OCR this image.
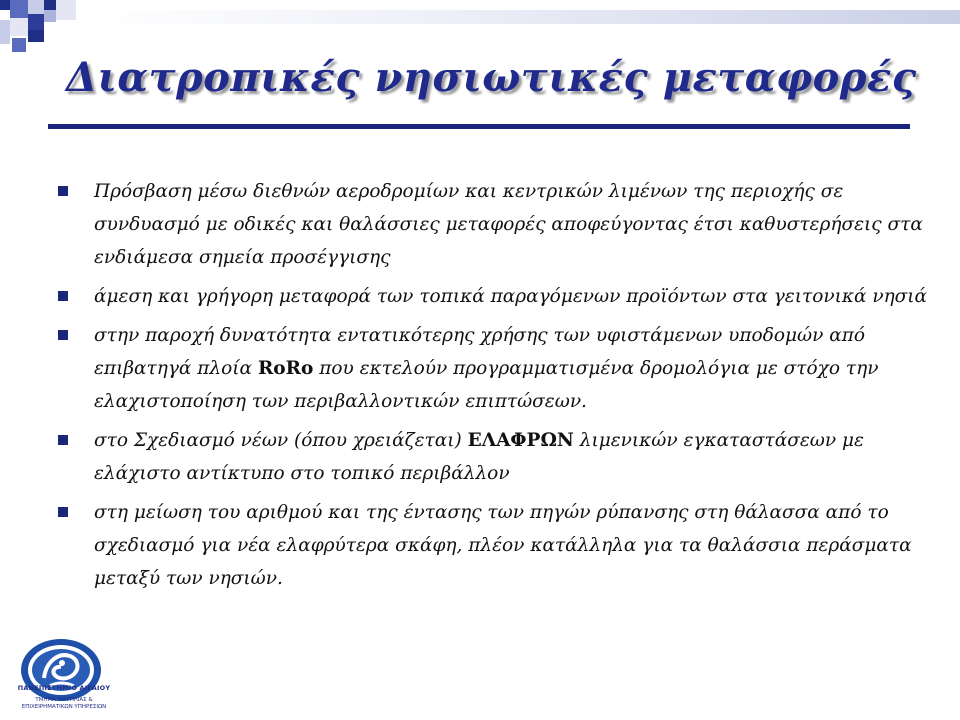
Διατροπικές νησιωτικές μεταφορές
Πρόσβαση μέσω διεθνών αεροδρομίων και κεντρικών λιμένων της περιοχής σε συνδυασμό με οδικές και θαλάσσιες μεταφορές αποφεύγοντας έτσι καθυστερήσεις στα ενδιάμεσα σημεία προσέγγισης
άμεση και γρήγορη μεταφορά των τοπικά παραγόμενων προϊόντων στα γειτονικά νησιά
στην παροχή δυνατότητα εντατικότερης χρήσης των υφιστάμενων υποδομών από επιβατηγά πλοία RoRo που εκτελούν προγραμματισμένα δρομολόγια με στόχο την ελαχιστοποίηση των περιβαλλοντικών επιπτώσεων.
στο Σχεδιασμό νέων (όπου χρειάζεται) ΕΛΑΦΡΩΝ λιμενικών εγκαταστάσεων με ελάχιστο αντίκτυπο στο τοπικό περιβάλλον
στη μείωση του αριθμού και της έντασης των πηγών ρύπανσης στη θάλασσα από το σχεδιασμό για νέα ελαφρύτερα σκάφη, πλέον κατάλληλα για τα θαλάσσια περάσματα μεταξύ των νησιών.
ΠΑΝΕΠΙΣΤΗΜΙΟ ΑΙΓΑΙΟΥ
ΤΜΗΜΑ ΝΑΥΤΙΛΙΑΣ &
ΕΠΙΧΕΙΡΗΜΑΤΙΚΩΝ ΥΠΗΡΕΣΙΩΝ
